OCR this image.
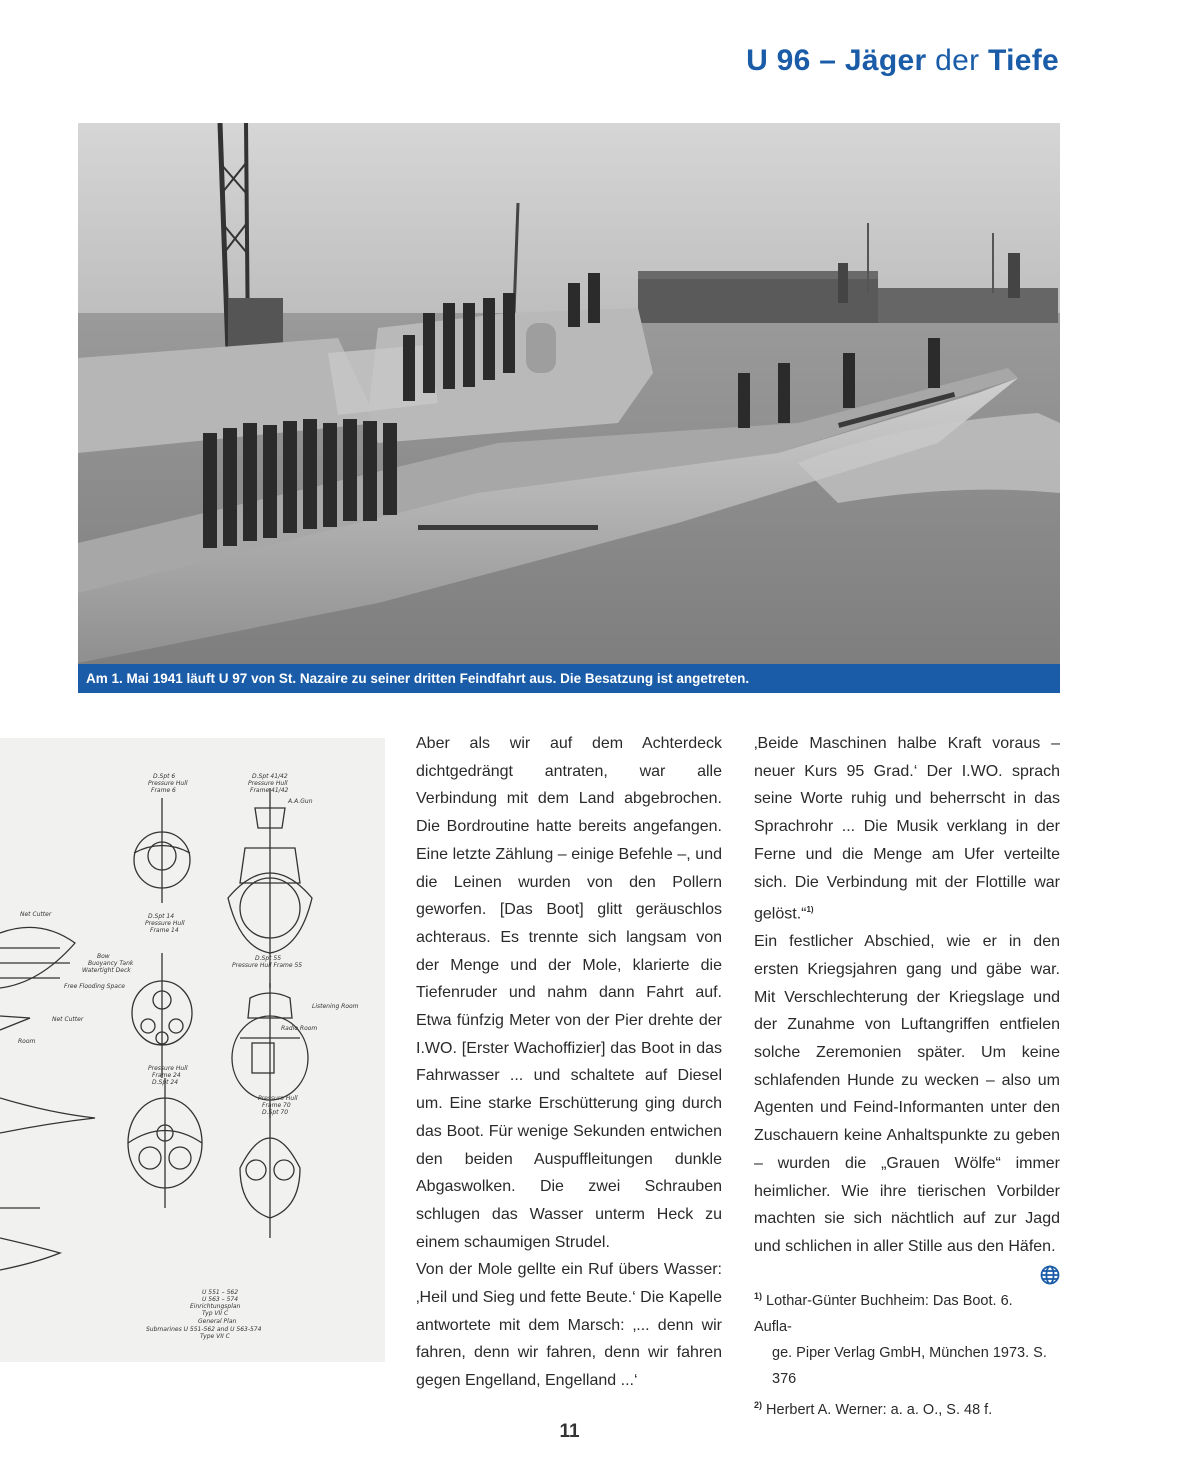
U 96 – Jäger der Tiefe
Am 1. Mai 1941 läuft U 97 von St. Nazaire zu seiner dritten Feindfahrt aus. Die Besatzung ist angetreten.
D.Spt 6
Pressure Hull
Frame 6
D.Spt 41/42
Pressure Hull
Frame 41/42
A.A.Gun
Net Cutter	D.Spt 14
Pressure Hull
Frame 14
Bow
Buoyancy Tank
Watertight Deck
Free Flooding Space
Net Cutter
D.Spt 55
Pressure Hull Frame 55
Listening Room
Radio Room
Room
Pressure Hull
Frame 24
D.Spt 24
Pressure Hull
Frame 70
D.Spt 70
U 551 – 562
U 563 – 574
Einrichtungsplan
Typ VII C
General Plan
Submarines U 551-562 and U 563-574
Type VII C

Aber als wir auf dem Achterdeck dichtgedrängt antraten, war alle Verbindung mit dem Land abgebrochen. Die Bordroutine hatte bereits angefangen. Eine letzte Zählung – einige Befehle –, und die Leinen wurden von den Pollern geworfen. [Das Boot] glitt geräuschlos achteraus. Es trennte sich langsam von der Menge und der Mole, klarierte die Tiefenruder und nahm dann Fahrt auf. Etwa fünfzig Meter von der Pier drehte der I.WO. [Erster Wachoffizier] das Boot in das Fahrwasser ... und schaltete auf Diesel um. Eine starke Erschütterung ging durch das Boot. Für wenige Sekunden entwichen den beiden Auspuffleitungen dunkle Abgaswolken. Die zwei Schrauben schlugen das Wasser unterm Heck zu einem schaumigen Strudel.

Von der Mole gellte ein Ruf übers Wasser: ‚Heil und Sieg und fette Beute.‘ Die Kapelle antwortete mit dem Marsch: ‚... denn wir fahren, denn wir fahren, denn wir fahren gegen Engelland, Engelland ...‘

‚Beide Maschinen halbe Kraft voraus – neuer Kurs 95 Grad.‘ Der I.WO. sprach seine Worte ruhig und beherrscht in das Sprachrohr ... Die Musik verklang in der Ferne und die Menge am Ufer verteilte sich. Die Verbindung mit der Flottille war gelöst.“$^{1)}$

Ein festlicher Abschied, wie er in den ersten Kriegsjahren gang und gäbe war. Mit Verschlechterung der Kriegslage und der Zunahme von Luftangriffen entfielen solche Zeremonien später. Um keine schlafenden Hunde zu wecken – also um Agenten und Feind-Informanten unter den Zuschauern keine Anhaltspunkte zu geben – wurden die „Grauen Wölfe“ immer heimlicher. Wie ihre tierischen Vorbilder machten sie sich nächtlich auf zur Jagd und schlichen in aller Stille aus den Häfen.

$^{1)}$ Lothar-Günter Buchheim: Das Boot. 6. Aufla-
ge. Piper Verlag GmbH, München 1973. S. 376
$^{2)}$ Herbert A. Werner: a. a. O., S. 48 f.
11
